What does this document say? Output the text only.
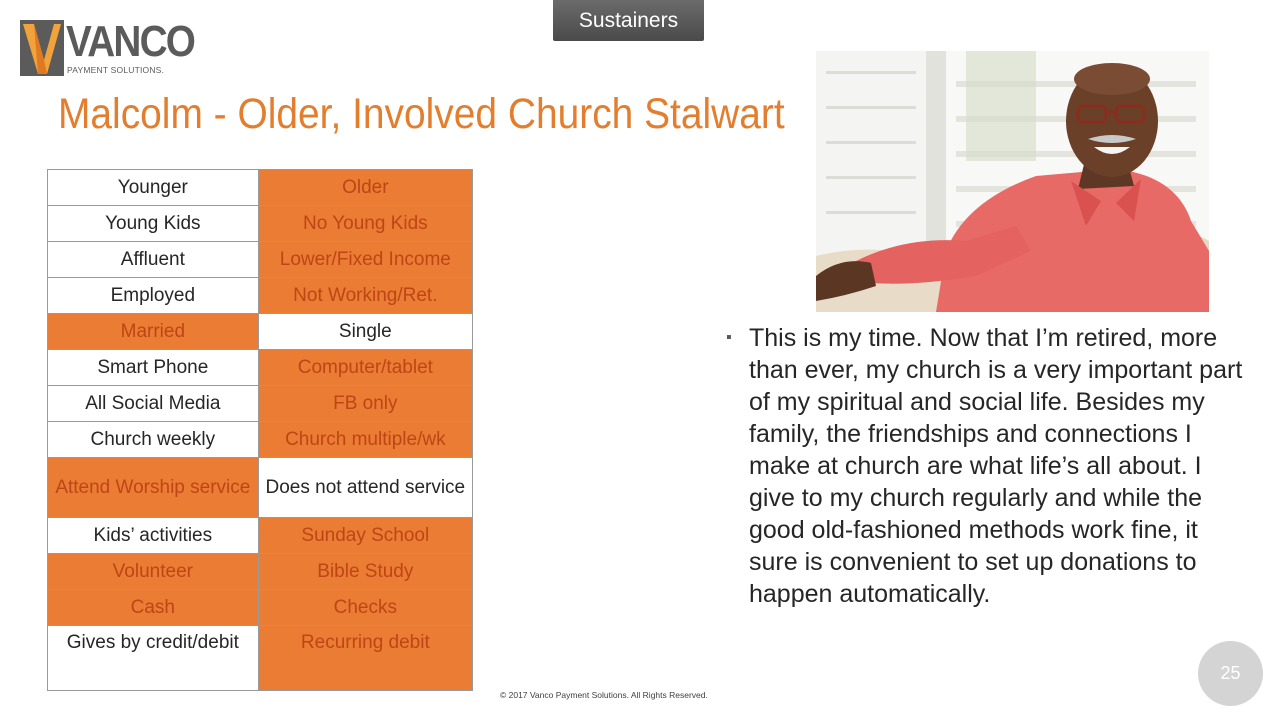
Sustainers
VANCO
PAYMENT SOLUTIONS.
Malcolm - Older, Involved Church Stalwart
Younger	Older
Young Kids	No Young Kids
Affluent	Lower/Fixed Income
Employed	Not Working/Ret.
Married	Single
Smart Phone	Computer/tablet
All Social Media	FB only
Church weekly	Church multiple/wk
Attend Worship service	Does not attend service
Kids’ activities	Sunday School
Volunteer	Bible Study
Cash	Checks
Gives by credit/debit	Recurring debit
▪ This is my time. Now that I’m retired, more than ever, my church is a very important part of my spiritual and social life. Besides my family, the friendships and connections I make at church are what life’s all about. I give to my church regularly and while the good old-fashioned methods work fine, it sure is convenient to set up donations to happen automatically.
© 2017 Vanco Payment Solutions. All Rights Reserved.
25
